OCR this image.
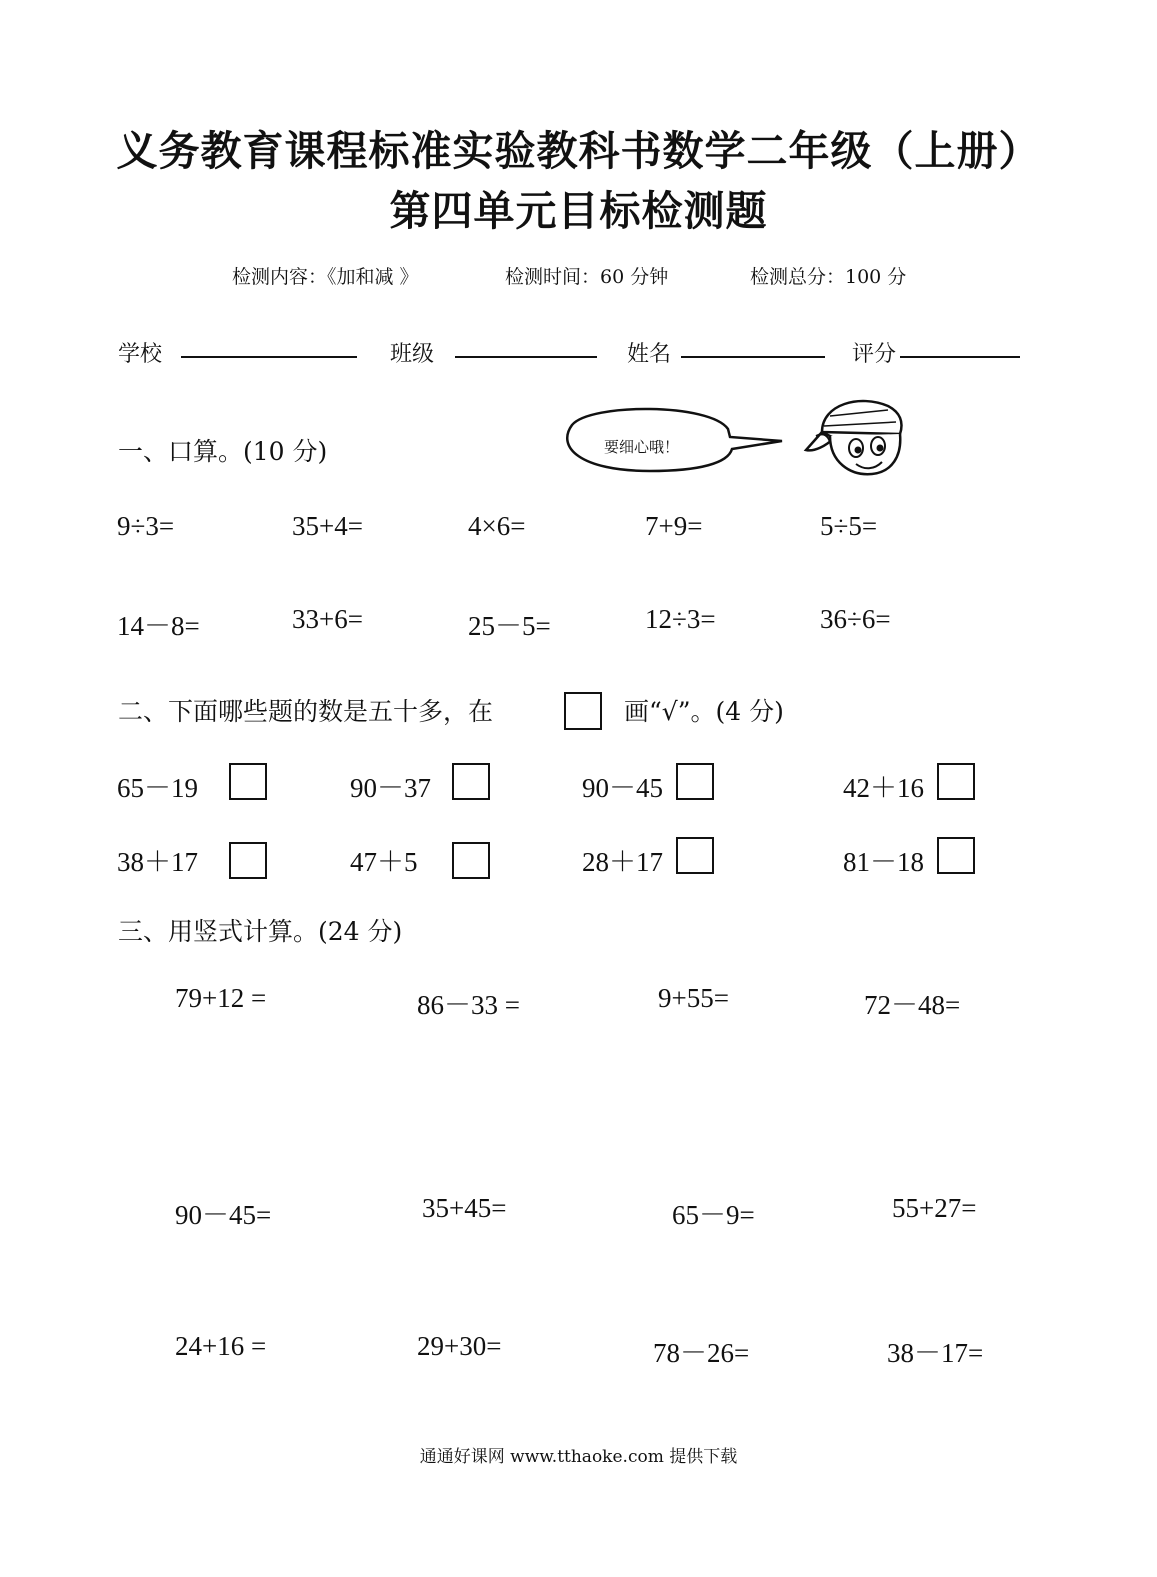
义务教育课程标准实验教科书数学二年级（上册）
第四单元目标检测题
检测内容：《加和减 》	检测时间：60 分钟	检测总分：100 分
学校	班级	姓名	评分
一、口算。(10 分)	要细心哦！
9÷3=	35+4=	4×6=	7+9=	5÷5=
14－8=	33+6=	25－5=	12÷3=	36÷6=
二、下面哪些题的数是五十多，在	画“√”。(4 分)
65－19	90－37	90－45	42＋16
38＋17	47＋5	28＋17	81－18
三、用竖式计算。(24 分)
79+12 =	86－33 =	9+55=	72－48=
90－45=	35+45=	65－9=	55+27=
24+16 =	29+30=	78－26=	38－17=
通通好课网 www.tthaoke.com 提供下载
